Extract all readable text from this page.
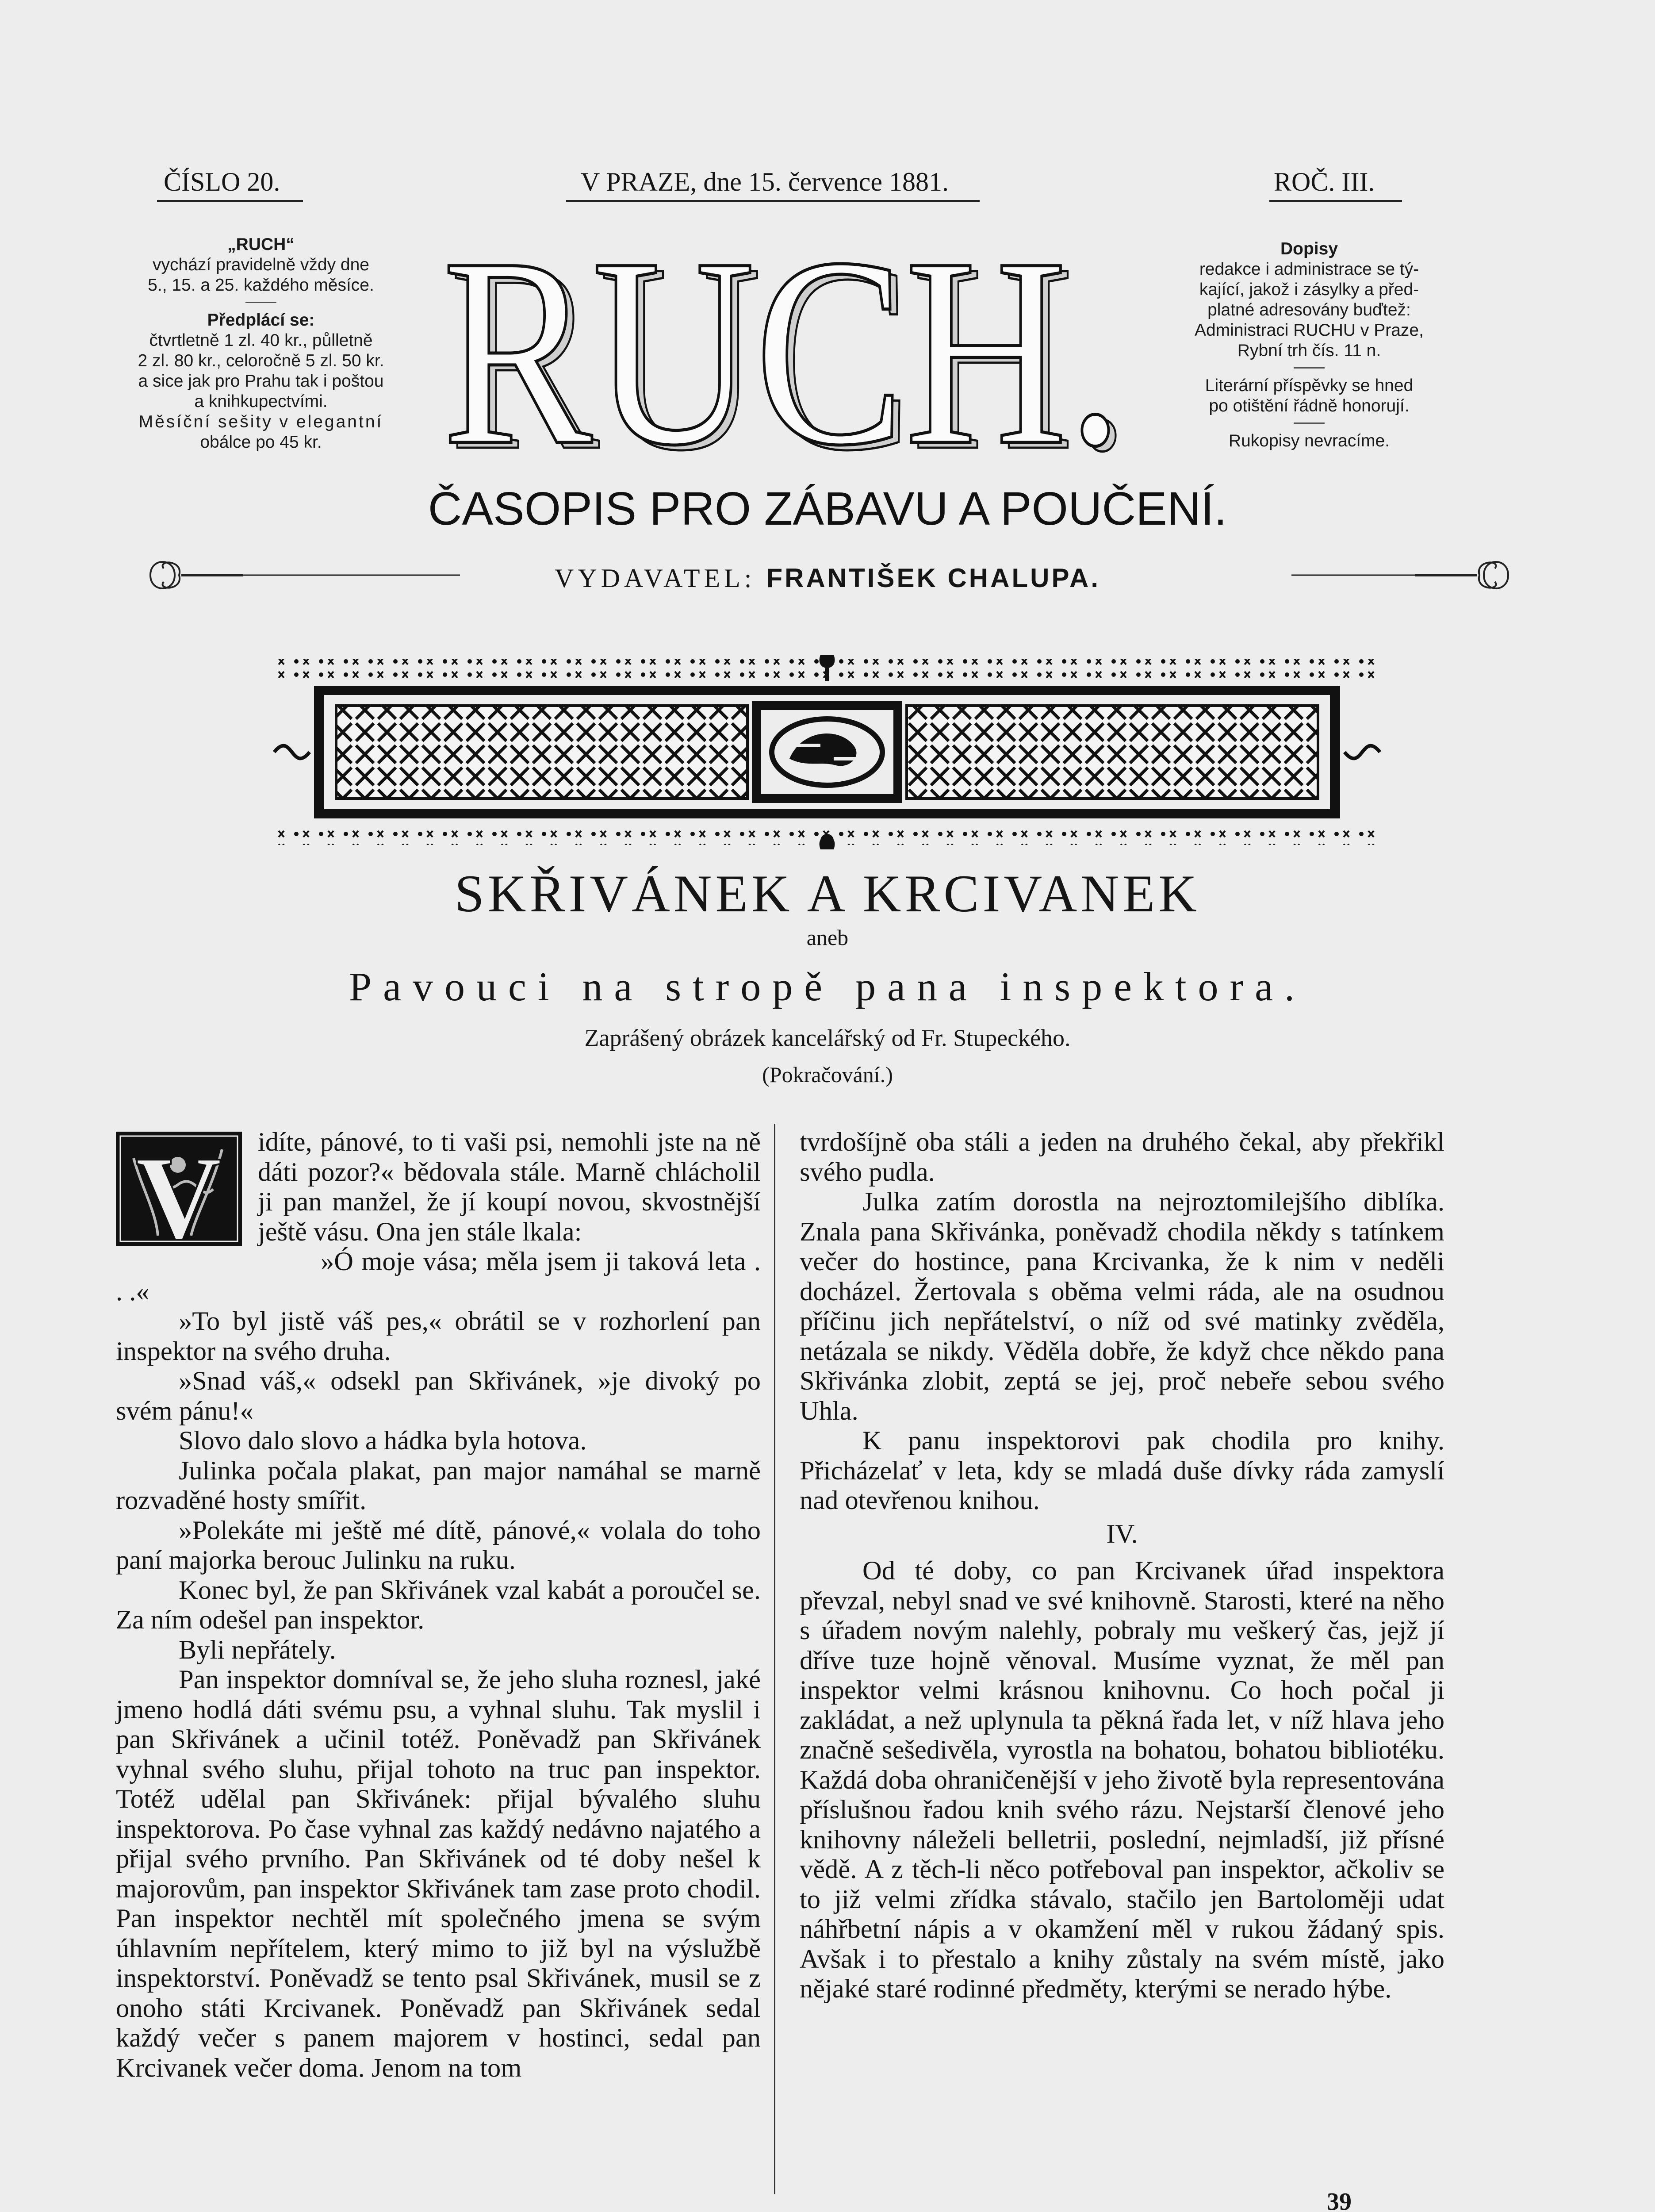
ČÍSLO 20.	V PRAZE, dne 15. července 1881.	ROČ. III.
„RUCH“
vychází pravidelně vždy dne
5., 15. a 25. každého měsíce.
Předplácí se:
čtvrtletně 1 zl. 40 kr., půlletně
2 zl. 80 kr., celoročně 5 zl. 50 kr.
a sice jak pro Prahu tak i poštou
a knihkupectvími.
Měsíční sešity v elegantní
obálce po 45 kr.
Dopisy
redakce i administrace se tý-
kající, jakož i zásylky a před-
platné adresovány buďtež:
Administraci RUCHU v Praze,
Rybní trh čís. 11 n.
Literární příspěvky se hned
po otištění řádně honorují.
Rukopisy nevracíme.
RUCH.
RUCH.
ČASOPIS PRO ZÁBAVU A POUČENÍ.
VYDAVATEL: FRANTIŠEK CHALUPA.
SKŘIVÁNEK A KRCIVANEK
aneb
Pavouci na stropě pana inspektora.
Zaprášený obrázek kancelářský od Fr. Stupeckého.
(Pokračování.)
V	idíte, pánové, to ti vaši psi, nemohli jste na ně dáti pozor?« bědovala stále. Marně chlácholil ji pan manžel, že jí koupí novou, skvostnější ještě vásu. Ona jen stále lkala:

»Ó moje vása; měla jsem ji taková leta . . .«

»To byl jistě váš pes,« obrátil se v rozhorlení pan inspektor na svého druha.

»Snad váš,« odsekl pan Skřivánek, »je divoký po svém pánu!«

Slovo dalo slovo a hádka byla hotova.

Julinka počala plakat, pan major namáhal se marně rozvaděné hosty smířit.

»Polekáte mi ještě mé dítě, pánové,« volala do toho paní majorka berouc Julinku na ruku.

Konec byl, že pan Skřivánek vzal kabát a poroučel se. Za ním odešel pan inspektor.

Byli nepřátely.

Pan inspektor domníval se, že jeho sluha roznesl, jaké jmeno hodlá dáti svému psu, a vyhnal sluhu. Tak myslil i pan Skřivánek a učinil totéž. Poněvadž pan Skřivánek vyhnal svého sluhu, přijal tohoto na truc pan inspektor. Totéž udělal pan Skřivánek: přijal bývalého sluhu inspektorova. Po čase vyhnal zas každý nedávno najatého a přijal svého prvního. Pan Skřivánek od té doby nešel k majorovům, pan inspektor Skřivánek tam zase proto chodil. Pan inspektor nechtěl mít společného jmena se svým úhlavním nepřítelem, který mimo to již byl na výslužbě inspektorství. Poněvadž se tento psal Skřivánek, musil se z onoho státi Krcivanek. Poněvadž pan Skřivánek sedal každý večer s panem majorem v hostinci, sedal pan Krcivanek večer doma. Jenom na tom

tvrdošíjně oba stáli a jeden na druhého čekal, aby překřikl svého pudla.

Julka zatím dorostla na nejroztomilejšího diblíka. Znala pana Skřivánka, poněvadž chodila někdy s tatínkem večer do hostince, pana Krcivanka, že k nim v neděli docházel. Žertovala s oběma velmi ráda, ale na osudnou příčinu jich nepřátelství, o níž od své matinky zvěděla, netázala se nikdy. Věděla dobře, že když chce někdo pana Skřivánka zlobit, zeptá se jej, proč nebeře sebou svého Uhla.

K panu inspektorovi pak chodila pro knihy. Přicházelať v leta, kdy se mladá duše dívky ráda zamyslí nad otevřenou knihou.

IV.

Od té doby, co pan Krcivanek úřad inspektora převzal, nebyl snad ve své knihovně. Starosti, které na něho s úřadem novým nalehly, pobraly mu veškerý čas, jejž jí dříve tuze hojně věnoval. Musíme vyznat, že měl pan inspektor velmi krásnou knihovnu. Co hoch počal ji zakládat, a než uplynula ta pěkná řada let, v níž hlava jeho značně sešedivěla, vyrostla na bohatou, bohatou bibliotéku. Každá doba ohraničenější v jeho životě byla representována příslušnou řadou knih svého rázu. Nejstarší členové jeho knihovny náleželi belletrii, poslední, nejmladší, již přísné vědě. A z těch-li něco potřeboval pan inspektor, ačkoliv se to již velmi zřídka stávalo, stačilo jen Bartoloměji udat náhřbetní nápis a v okamžení měl v rukou žádaný spis. Avšak i to přestalo a knihy zůstaly na svém místě, jako nějaké staré rodinné předměty, kterými se nerado hýbe.

39
